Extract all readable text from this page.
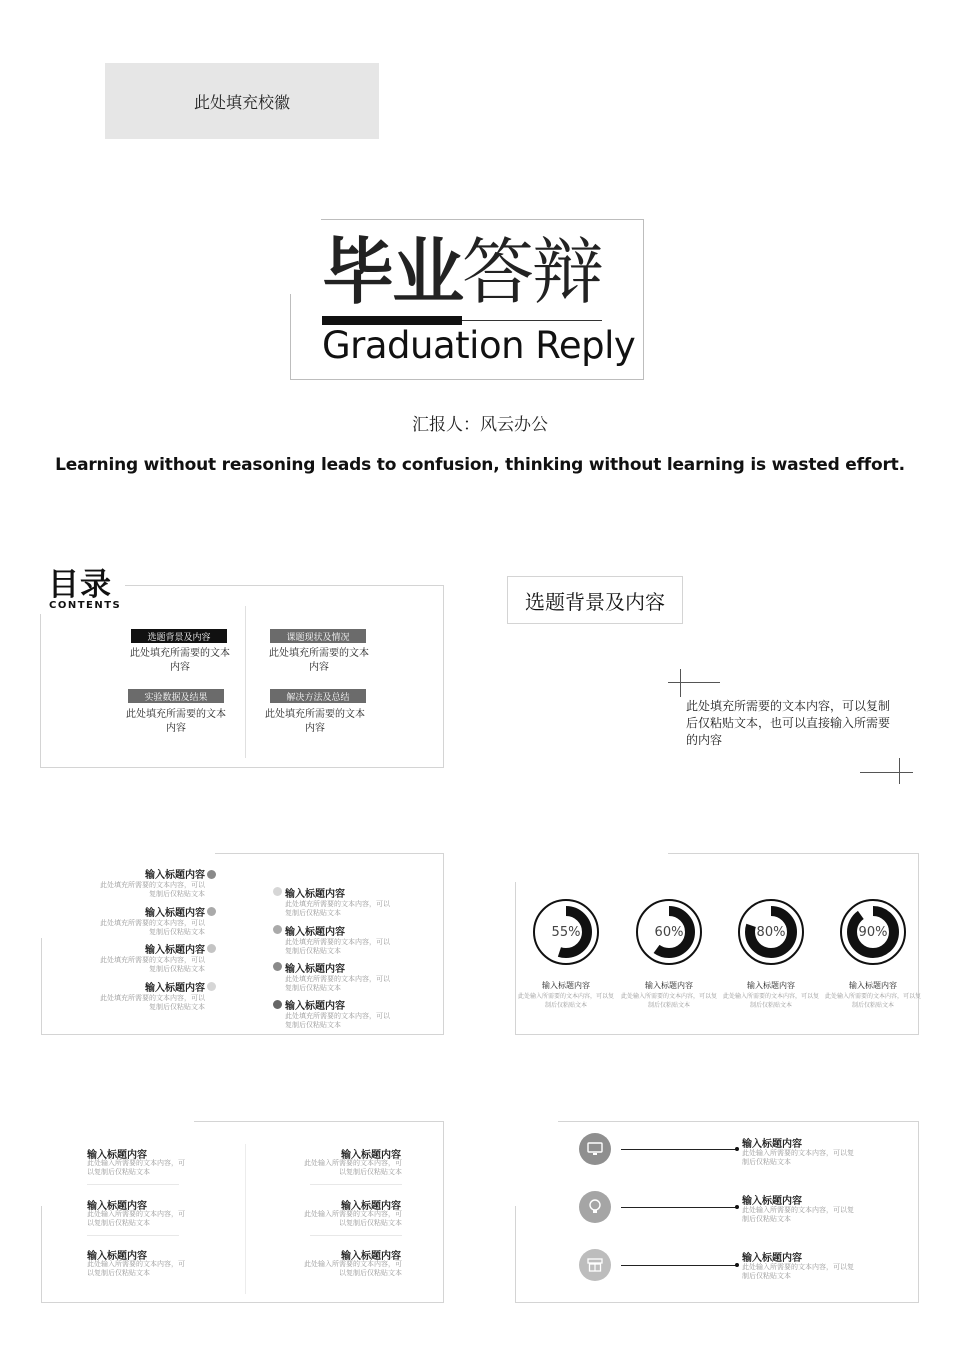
此处填充校徽
毕业答辩
Graduation Reply
汇报人：风云办公
Learning without reasoning leads to confusion, thinking without learning is wasted effort.
目录
CONTENTS
选题背景及内容
此处填充所需要的文本内容
课题现状及情况
此处填充所需要的文本内容
实验数据及结果
此处填充所需要的文本内容
解决方法及总结
此处填充所需要的文本内容
选题背景及内容
此处填充所需要的文本内容，可以复制后仅粘贴文本，也可以直接输入所需要的内容
输入标题内容
此处填充所需要的文本内容，可以复制后仅粘贴文本
输入标题内容
此处填充所需要的文本内容，可以复制后仅粘贴文本
输入标题内容
此处填充所需要的文本内容，可以复制后仅粘贴文本
输入标题内容
此处填充所需要的文本内容，可以复制后仅粘贴文本
输入标题内容
此处填充所需要的文本内容，可以复制后仅粘贴文本
输入标题内容
此处填充所需要的文本内容，可以复制后仅粘贴文本
输入标题内容
此处填充所需要的文本内容，可以复制后仅粘贴文本
输入标题内容
此处填充所需要的文本内容，可以复制后仅粘贴文本
55%
输入标题内容
此处输入所需要的文本内容，可以复制后仅粘贴文本
60%
输入标题内容
此处输入所需要的文本内容，可以复制后仅粘贴文本
80%
输入标题内容
此处输入所需要的文本内容，可以复制后仅粘贴文本
90%
输入标题内容
此处输入所需要的文本内容，可以复制后仅粘贴文本
输入标题内容
此处输入所需要的文本内容，可以复制后仅粘贴文本
输入标题内容
此处输入所需要的文本内容，可以复制后仅粘贴文本
输入标题内容
此处输入所需要的文本内容，可以复制后仅粘贴文本
输入标题内容
此处输入所需要的文本内容，可以复制后仅粘贴文本
输入标题内容
此处输入所需要的文本内容，可以复制后仅粘贴文本
输入标题内容
此处输入所需要的文本内容，可以复制后仅粘贴文本
输入标题内容
此处输入所需要的文本内容，可以复制后仅粘贴文本
输入标题内容
此处输入所需要的文本内容，可以复制后仅粘贴文本
输入标题内容
此处输入所需要的文本内容，可以复制后仅粘贴文本
